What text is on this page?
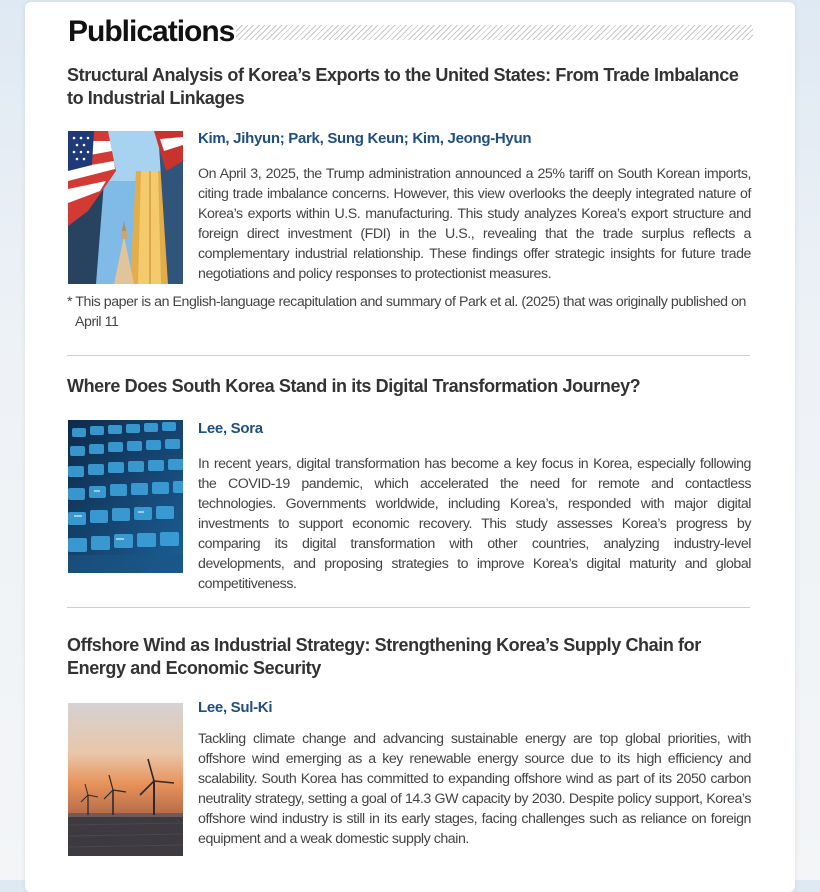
Publications
Structural Analysis of Korea’s Exports to the United States: From Trade Imbalance to Industrial Linkages
Kim, Jihyun; Park, Sung Keun; Kim, Jeong-Hyun

On April 3, 2025, the Trump administration announced a 25% tariff on South Korean imports, citing trade imbalance concerns. However, this view overlooks the deeply integrated nature of Korea’s exports within U.S. manufacturing. This study analyzes Korea’s export structure and foreign direct investment (FDI) in the U.S., revealing that the trade surplus reflects a complementary industrial relationship. These findings offer strategic insights for future trade negotiations and policy responses to protectionist measures.

* This paper is an English-language recapitulation and summary of Park et al. (2025) that was originally published on April 11

Where Does South Korea Stand in its Digital Transformation Journey?
Lee, Sora

In recent years, digital transformation has become a key focus in Korea, especially following the COVID-19 pandemic, which accelerated the need for remote and contactless technologies. Governments worldwide, including Korea’s, responded with major digital investments to support economic recovery. This study assesses Korea’s progress by comparing its digital transformation with other countries, analyzing industry-level developments, and proposing strategies to improve Korea’s digital maturity and global competitiveness.

Offshore Wind as Industrial Strategy: Strengthening Korea’s Supply Chain for Energy and Economic Security
Lee, Sul-Ki

Tackling climate change and advancing sustainable energy are top global priorities, with offshore wind emerging as a key renewable energy source due to its high efficiency and scalability. South Korea has committed to expanding offshore wind as part of its 2050 carbon neutrality strategy, setting a goal of 14.3 GW capacity by 2030. Despite policy support, Korea’s offshore wind industry is still in its early stages, facing challenges such as reliance on foreign equipment and a weak domestic supply chain.
